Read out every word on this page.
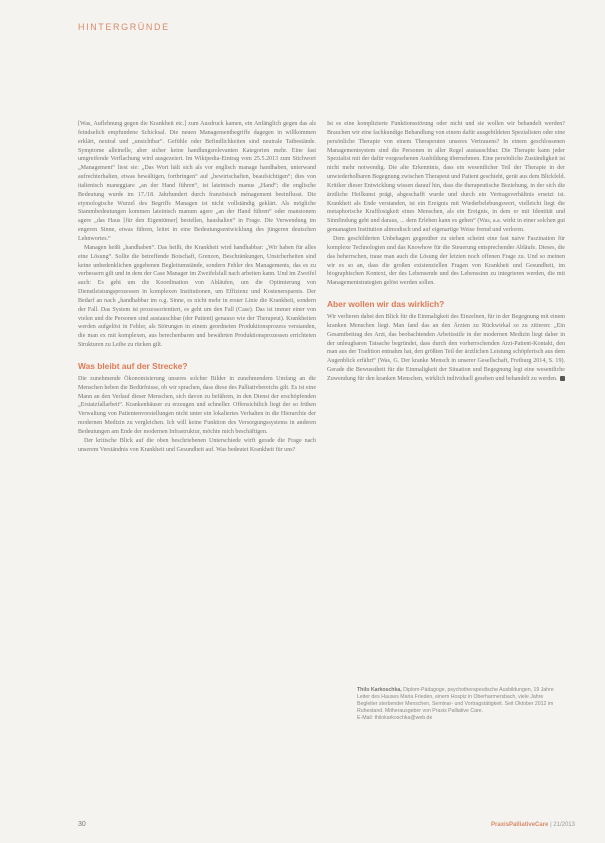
HINTERGRÜNDE

[Was, Auflehnung gegen die Krankheit etc.] zum Ausdruck kamen, ein Anfänglich gegen das als feindselich empfundene Schicksal. Die neuen Managementbegriffe dagegen in willkommen erklärt, neutral und „unsichtbar“. Gefühle oder Befindlichkeiten sind neutrale Tatbestände. Symptome alleinelle, aber sicher keine handlungsrelevanten Kategorien mehr. Eine fast umgreifende Verflachung wird ausgezeiert. Im Wikipedia-Eintrag vom 25.5.2013 zum Stichwort „Management“ liest sie: „Das Wort hält sich als vor englisch manage handhaben, unterwand aufrechterhalten, etwas bewältigen, fortbringen“ auf „bewirtschaften, beaufsichtigen“; dies von italienisch maneggiare „an der Hand führen“, ist lateinisch manus „Hand“; die englische Bedeutung wurde im 17./18. Jahrhundert durch französisch ménagement beeinflusst. Die etymologische Wurzel des Begriffs Managen ist nicht vollständig geklärt. Als mögliche Stammbedeutungen kommen lateinisch manum agere „an der Hand führen“ oder mansionem agere „das Haus [für den Eigentümer] bestellen, haushalten“ in Frage. Die Verwendung im engeren Sinne, etwas führen, leitet in eine Bedeutungsentwicklung des jüngeren deutschen Lehnwortes.“

Managen heißt „handhaben“. Das heißt, die Krankheit wird handhabbar: „Wir haben für alles eine Lösung“. Sollte die betreffende Botschaft, Grenzen, Beschränkungen, Unsicherheiten sind keine unbedenklichen gegebenen Begleitumstände, sondern Fehler des Managements, das es zu verbessern gilt und in dem der Case Manager im Zweifelsfall nach arbeiten kann. Und im Zweifel auch: Es geht um die Koordination von Abläufen, um die Optimierung von Dienstleistungsprozessen in komplexen Institutionen, um Effizienz und Kostenersparnis. Der Bedarf an nach „handhabbar im o.g. Sinne, es nicht mehr in erster Linie die Krankheit, sondern der Fall. Das System ist prozessorientiert, es geht um den Fall (Case). Das ist immer einer von vielen und die Personen sind austauschbar (der Patient) genauso wie der Therapeut). Krankheiten werden aufgelöst in Fehler, als Störungen in einem geordneten Produktionsprozess verstanden, die man ex mit komplexen, aus berechenbaren und bewährten Produktionsprozessen errichteten Strukturen zu Leibe zu rücken gilt.

Was bleibt auf der Strecke?

Die zunehmende Ökonomisierung unseres solcher Bilder in zunehmendem Umfang an die Menschen heben die Bedürfnisse, ob wir sprachen, dass diese des Palliativbereichs gilt. Es ist eine Mann an den Verlauf dieser Menschen, sich davon zu befähren, in den Dienst der erschöpfenden „Erstatzfallarbeit“. Krankenhäuser zu erzeugen und schneller. Offensichtlich liegt der so frühen Verwaltung von Patientenvorstellungen nicht unter ein lokaliertes Verhalten in die Hierarchie der modernen Medizin zu vergleichen. Ich will keine Funktion des Versorgungssystems in anderen Bedeutungen am Ende der modernen Infrastruktur, möchte mich beschäftigen.

Der kritische Blick auf die oben beschriebenen Unterschiede wirft gerade die Frage nach unserem Verständnis von Krankheit und Gesundheit auf. Was bedeutet Krankheit für uns?

Ist es eine komplizierte Funktionsstörung oder nicht und sie wollen wir behandelt werden? Brauchen wir eine fachkundige Behandlung von einem dafür ausgebildeten Spezialisten oder eine persönliche Therapie von einem Therapeuten unseres Vertrauens? In einem geschlossenen Managementsystem sind die Personen in aller Regel austauschbar. Die Therapie kann jeder Spezialist mit der dafür vorgesehenen Ausbildung übernehmen. Eine persönliche Zuständigkeit ist nicht mehr notwendig. Die alte Erkenntnis, dass ein wesentlicher Teil der Therapie in der unwiederholbaren Begegnung zwischen Therapeut und Patient geschieht, gerät aus dem Blickfeld. Kritiker dieser Entwicklung wissen darauf hin, dass die therapeutische Beziehung, in der sich die ärztliche Heilkunst prägt, abgeschafft wurde und durch ein Vertragsverhältnis ersetzt ist. Krankheit als Ende verstanden, ist ein Ereignis mit Wiederbelebungswert, vielleicht liegt die metaphorische Kraftlosigkeit eines Menschen, als ein Ereignis, in dem er mit Identität und Sinnfindung geht und daraus, ... dem Erleben kann es gehen“ (Was, a.a. wirkt in einer solchen gut gemanagten Institution altmodisch und auf eigenartige Weise fremd und verloren.

Dem geschilderten Unbehagen gegenüber zu stehen scheint eine fast naive Faszination für komplexe Technologien und das Knowhow für die Steuerung entsprechender Abläufe. Dieses, die das beherrschen, traue man auch die Lösung der letzten noch offenen Frage zu. Und so meinen wir es so an, dass die großen existenziellen Fragen von Krankheit und Gesundheit, im biographischen Kontext, der des Lebensende und des Lebenssinn zu integrieren werden, die mit Managementstrategien gelöst werden sollen.

Aber wollen wir das wirklich?

Wir verlieren dabei den Blick für die Einmaligkeit des Einzelnen, für in der Begegnung mit einem kranken Menschen liegt. Man fand das an den Ärzten zu Rückwirkal so zu zitieren: „Ein Gesamtbeitrag des Arzt, das beobachtenden Arbeitsstile in der modernen Medizin liegt daher in der unleugbaren Tatsache begründet, dass durch den vorherrschenden Arzt-Patient-Kontakt, den man aus der Tradition entnahm hat, den größten Teil der ärztlichen Leistung schöpferisch aus dem Augenblick erfährt“ (Was, G. Der kranke Mensch in unserer Gesellschaft, Freiburg 2014, S. 19). Gerade die Bewusstheit für die Einmaligkeit der Situation und Begegnung legt eine wesentliche Zuwendung für den kranken Menschen, wirklich individuell gesehen und behandelt zu werden.

Thilo Karkoschka, Diplom-Pädagoge, psychotherapeutische Ausbildungen, 19 Jahre Leiter des Hauses Maria Frieden, einem Hospiz in Oberharmersbach, viele Jahre Begleiter sterbender Menschen, Seminar- und Vortragstätigkeit. Seit Oktober 2012 im Ruhestand. Mitherausgeber von Praxis Palliative Care.
E-Mail: thilokarkoschka@web.de
30	PraxisPalliativeCare | 21/2013
